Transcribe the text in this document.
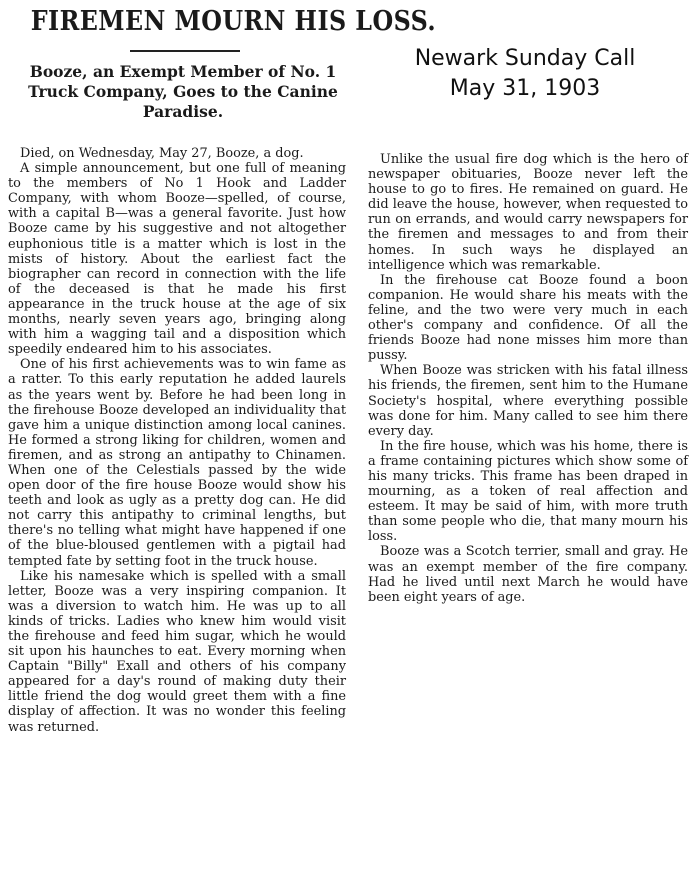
FIREMEN MOURN HIS LOSS.
Booze, an Exempt Member of No. 1 Truck Company, Goes to the Canine Paradise.
Newark Sunday Call
May 31, 1903

Died, on Wednesday, May 27, Booze, a dog.

A simple announcement, but one full of meaning to the members of No 1 Hook and Ladder Company, with whom Booze—spelled, of course, with a capital B—was a general favorite. Just how Booze came by his suggestive and not altogether euphonious title is a matter which is lost in the mists of history. About the earliest fact the biographer can record in connection with the life of the deceased is that he made his first appearance in the truck house at the age of six months, nearly seven years ago, bringing along with him a wagging tail and a disposition which speedily endeared him to his associates.

One of his first achievements was to win fame as a ratter. To this early reputation he added laurels as the years went by. Before he had been long in the firehouse Booze developed an individuality that gave him a unique distinction among local canines. He formed a strong liking for children, women and firemen, and as strong an antipathy to Chinamen. When one of the Celestials passed by the wide open door of the fire house Booze would show his teeth and look as ugly as a pretty dog can. He did not carry this antipathy to criminal lengths, but there's no telling what might have happened if one of the blue-bloused gentlemen with a pigtail had tempted fate by setting foot in the truck house.

Like his namesake which is spelled with a small letter, Booze was a very inspiring companion. It was a diversion to watch him. He was up to all kinds of tricks. Ladies who knew him would visit the firehouse and feed him sugar, which he would sit upon his haunches to eat. Every morning when Captain "Billy" Exall and others of his company appeared for a day's round of making duty their little friend the dog would greet them with a fine display of affection. It was no wonder this feeling was returned.

Unlike the usual fire dog which is the hero of newspaper obituaries, Booze never left the house to go to fires. He remained on guard. He did leave the house, however, when requested to run on errands, and would carry newspapers for the firemen and messages to and from their homes. In such ways he displayed an intelligence which was remarkable.

In the firehouse cat Booze found a boon companion. He would share his meats with the feline, and the two were very much in each other's company and confidence. Of all the friends Booze had none misses him more than pussy.

When Booze was stricken with his fatal illness his friends, the firemen, sent him to the Humane Society's hospital, where everything possible was done for him. Many called to see him there every day.

In the fire house, which was his home, there is a frame containing pictures which show some of his many tricks. This frame has been draped in mourning, as a token of real affection and esteem. It may be said of him, with more truth than some people who die, that many mourn his loss.

Booze was a Scotch terrier, small and gray. He was an exempt member of the fire company. Had he lived until next March he would have been eight years of age.
